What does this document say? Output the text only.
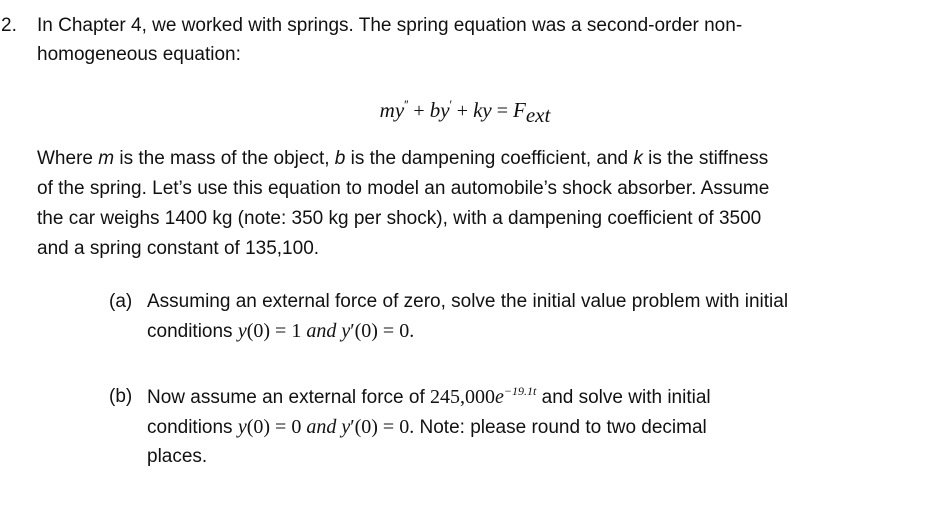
2. In Chapter 4, we worked with springs. The spring equation was a second-order non-
homogeneous equation:
my″ + by′ + ky = Fext
Where m is the mass of the object, b is the dampening coefficient, and k is the stiffness
of the spring. Let’s use this equation to model an automobile’s shock absorber. Assume
the car weighs 1400 kg (note: 350 kg per shock), with a dampening coefficient of 3500
and a spring constant of 135,100.
(a) Assuming an external force of zero, solve the initial value problem with initial
conditions y(0) = 1 and y′(0) = 0.
(b) Now assume an external force of $245,000e^{-19.1t}$ and solve with initial
conditions y(0) = 0 and y′(0) = 0. Note: please round to two decimal
places.
